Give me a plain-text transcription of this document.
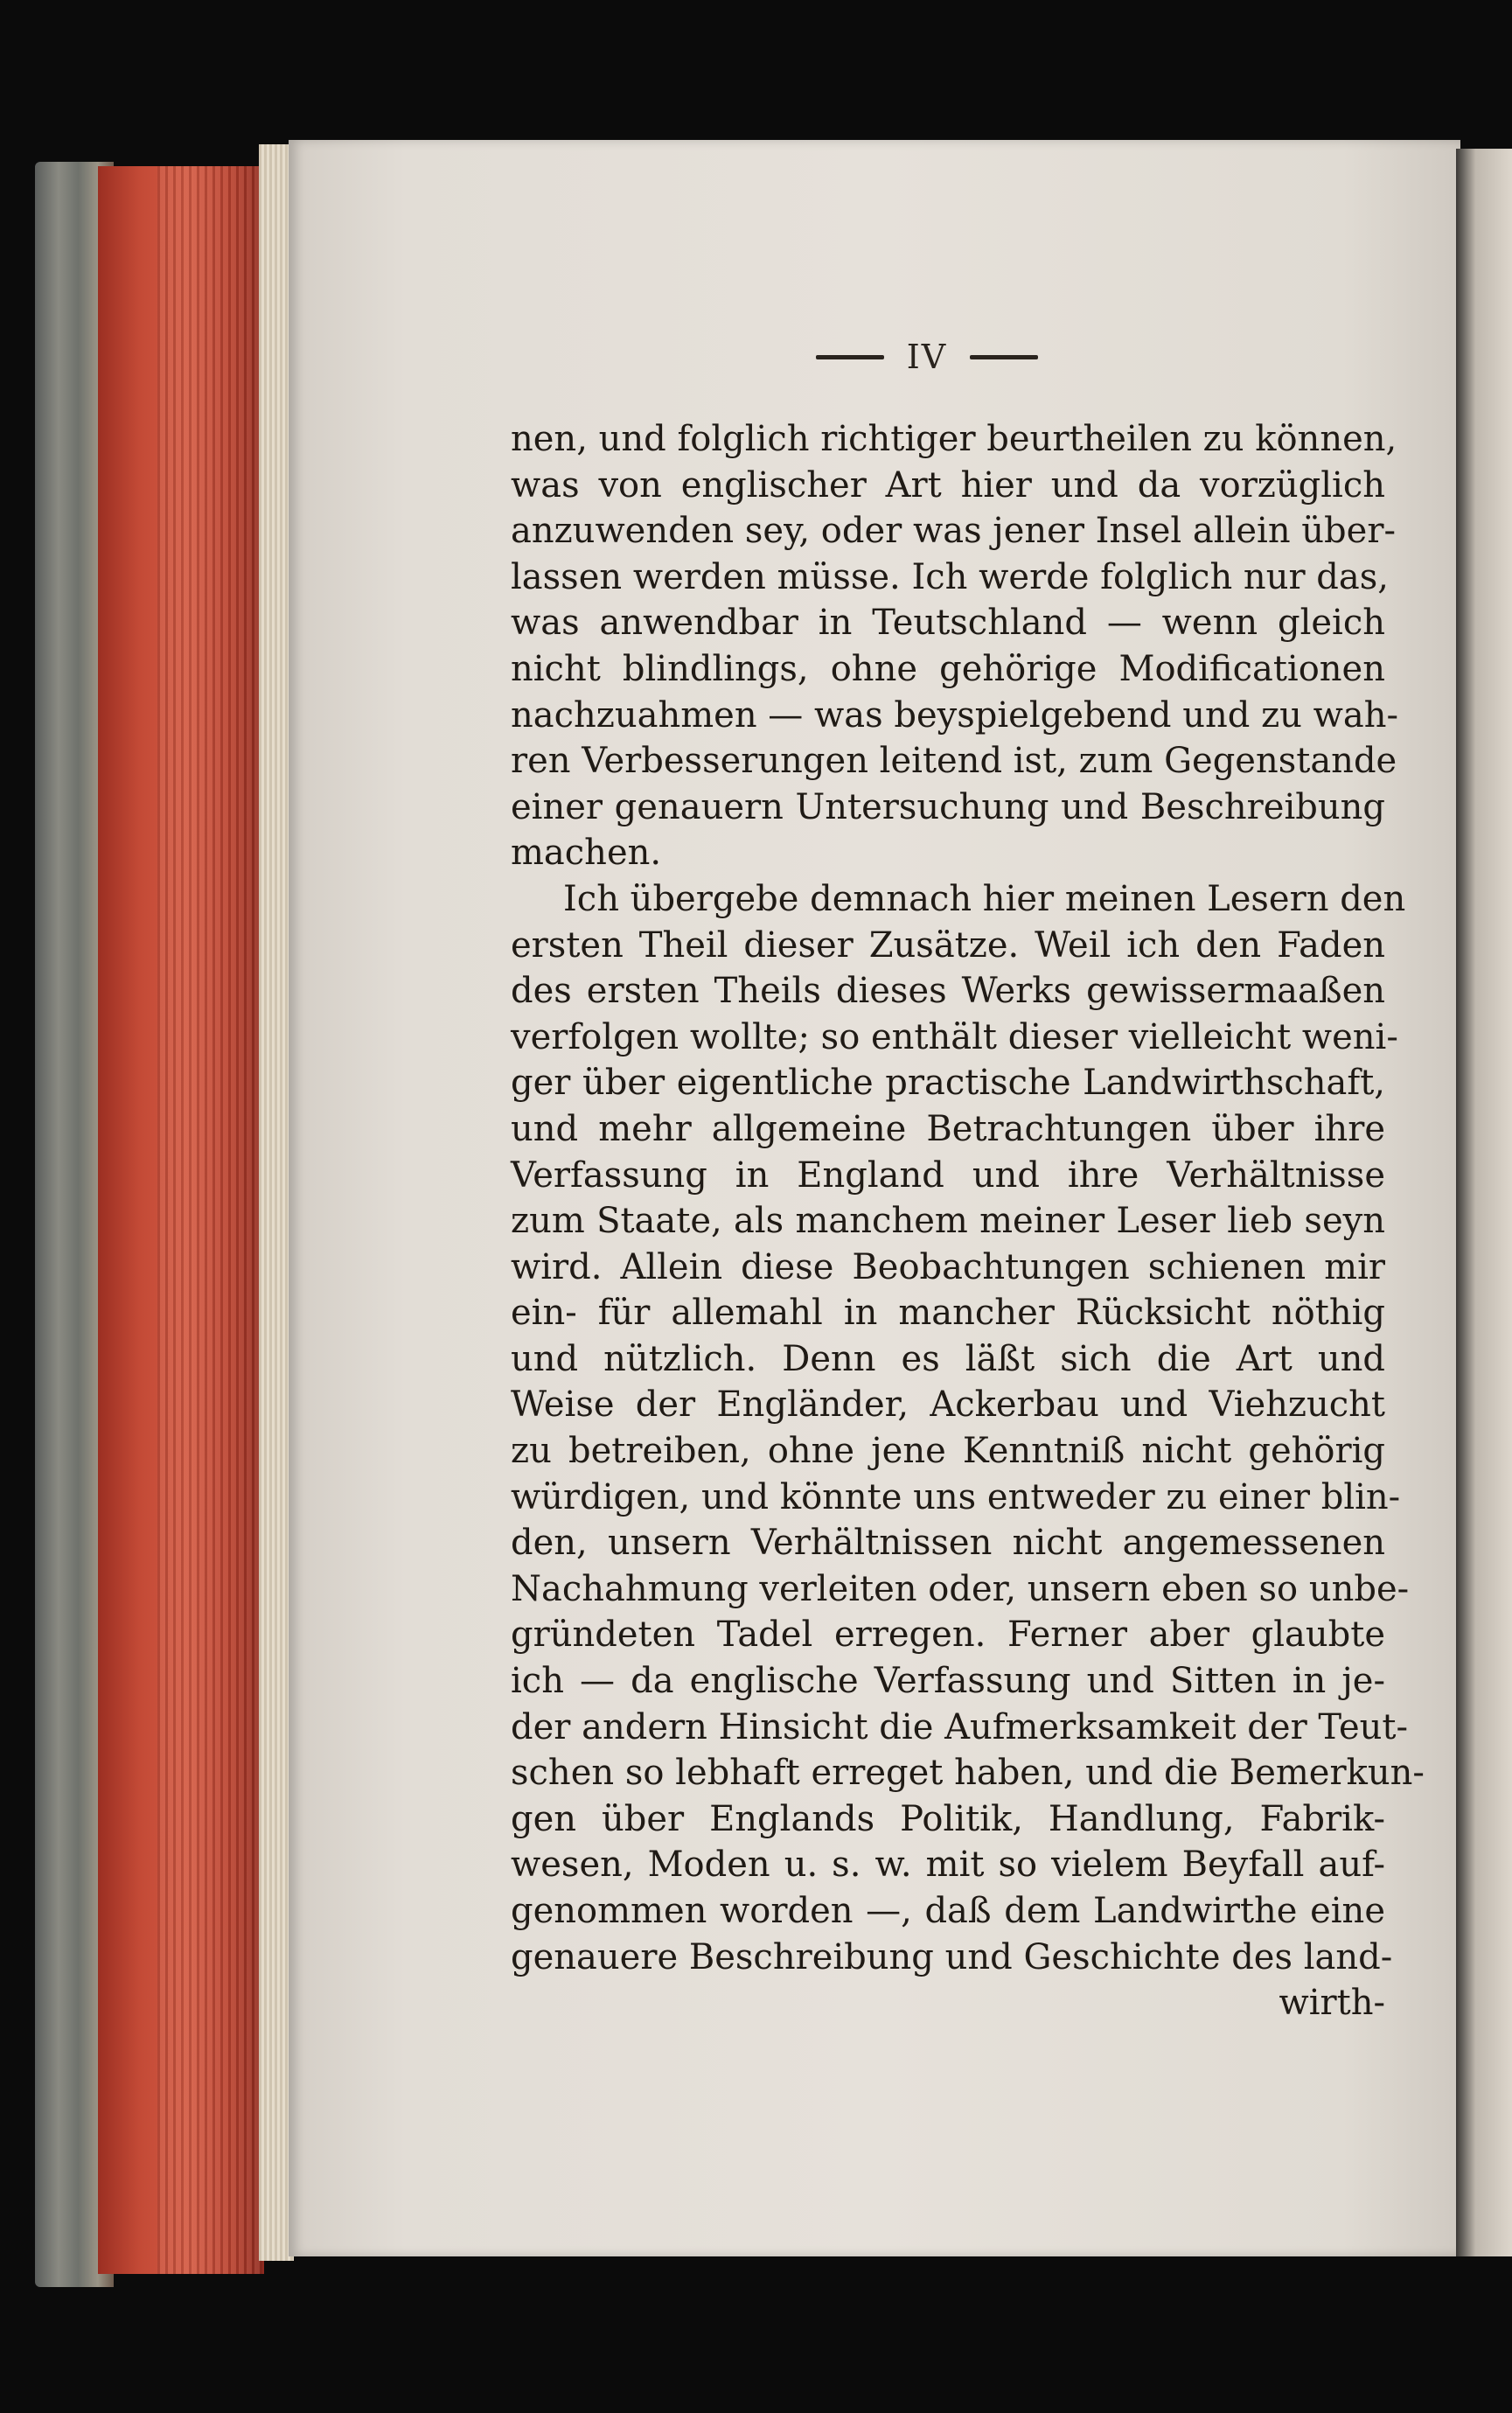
IV
nen, und folglich richtiger beurtheilen zu können,
was von englischer Art hier und da vorzüglich
anzuwenden sey, oder was jener Insel allein über-
lassen werden müsse. Ich werde folglich nur das,
was anwendbar in Teutschland — wenn gleich
nicht blindlings, ohne gehörige Modificationen
nachzuahmen — was beyspielgebend und zu wah-
ren Verbesserungen leitend ist, zum Gegenstande
einer genauern Untersuchung und Beschreibung
machen.
Ich übergebe demnach hier meinen Lesern den
ersten Theil dieser Zusätze. Weil ich den Faden
des ersten Theils dieses Werks gewissermaaßen
verfolgen wollte; so enthält dieser vielleicht weni-
ger über eigentliche practische Landwirthschaft,
und mehr allgemeine Betrachtungen über ihre
Verfassung in England und ihre Verhältnisse
zum Staate, als manchem meiner Leser lieb seyn
wird. Allein diese Beobachtungen schienen mir
ein- für allemahl in mancher Rücksicht nöthig
und nützlich. Denn es läßt sich die Art und
Weise der Engländer, Ackerbau und Viehzucht
zu betreiben, ohne jene Kenntniß nicht gehörig
würdigen, und könnte uns entweder zu einer blin-
den, unsern Verhältnissen nicht angemessenen
Nachahmung verleiten oder, unsern eben so unbe-
gründeten Tadel erregen. Ferner aber glaubte
ich — da englische Verfassung und Sitten in je-
der andern Hinsicht die Aufmerksamkeit der Teut-
schen so lebhaft erreget haben, und die Bemerkun-
gen über Englands Politik, Handlung, Fabrik-
wesen, Moden u. s. w. mit so vielem Beyfall auf-
genommen worden —, daß dem Landwirthe eine
genauere Beschreibung und Geschichte des land-
wirth-
